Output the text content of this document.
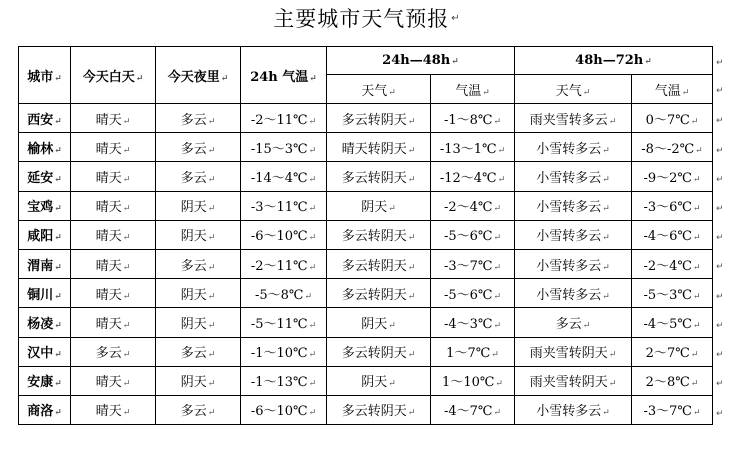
主要城市天气预报 ↵
城市↵	今天白天↵	今天夜里↵	24h 气温↵	24h—48h↵		48h—72h↵	
				天气↵	气温↵	天气↵	气温↵
西安↵	晴天↵	多云↵	-2～11℃↵	多云转阴天↵	-1～8℃↵	雨夹雪转多云↵	0～7℃↵
榆林↵	晴天↵	多云↵	-15～3℃↵	晴天转阴天↵	-13～1℃↵	小雪转多云↵	-8～-2℃↵
延安↵	晴天↵	多云↵	-14～4℃↵	多云转阴天↵	-12～4℃↵	小雪转多云↵	-9～2℃↵
宝鸡↵	晴天↵	阴天↵	-3～11℃↵	阴天↵	-2～4℃↵	小雪转多云↵	-3～6℃↵
咸阳↵	晴天↵	阴天↵	-6～10℃↵	多云转阴天↵	-5～6℃↵	小雪转多云↵	-4～6℃↵
渭南↵	晴天↵	多云↵	-2～11℃↵	多云转阴天↵	-3～7℃↵	小雪转多云↵	-2～4℃↵
铜川↵	晴天↵	阴天↵	-5～8℃↵	多云转阴天↵	-5～6℃↵	小雪转多云↵	-5～3℃↵
杨凌↵	晴天↵	阴天↵	-5～11℃↵	阴天↵	-4～3℃↵	多云↵	-4～5℃↵
汉中↵	多云↵	多云↵	-1～10℃↵	多云转阴天↵	1～7℃↵	雨夹雪转阴天↵	2～7℃↵
安康↵	晴天↵	阴天↵	-1～13℃↵	阴天↵	1～10℃↵	雨夹雪转阴天↵	2～8℃↵
商洛↵	晴天↵	多云↵	-6～10℃↵	多云转阴天↵	-4～7℃↵	小雪转多云↵	-3～7℃↵
↵
↵
↵
↵
↵
↵
↵
↵
↵
↵
↵
↵
↵
